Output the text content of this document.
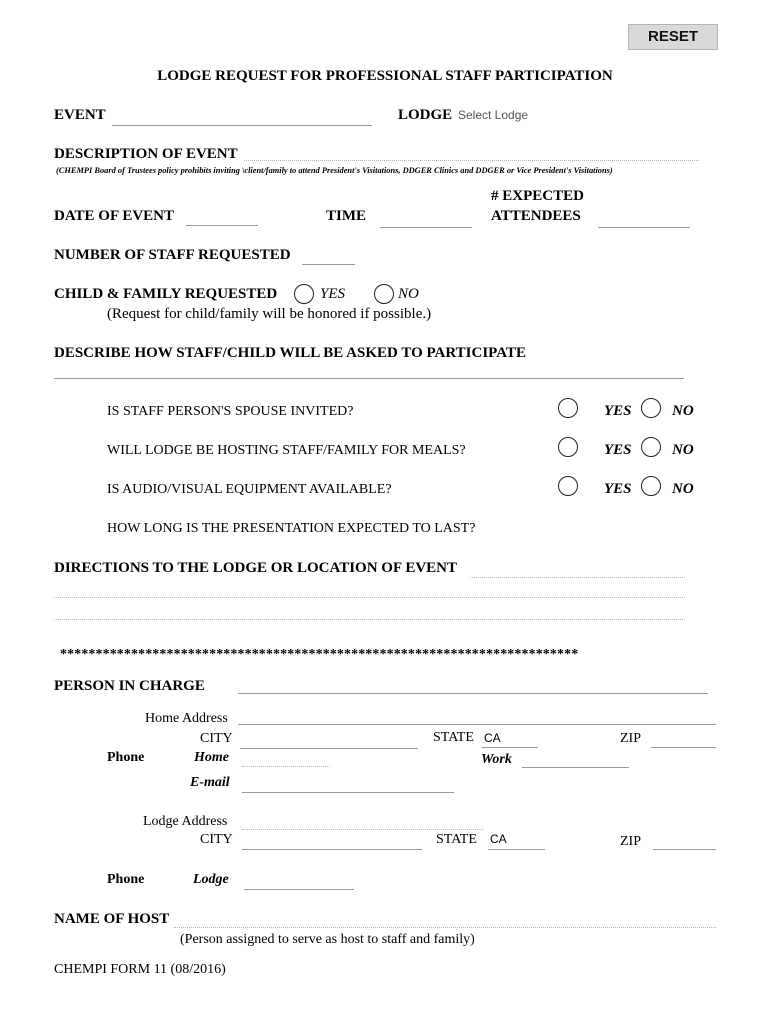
RESET
LODGE REQUEST FOR PROFESSIONAL STAFF PARTICIPATION
EVENT	LODGE Select Lodge
DESCRIPTION OF EVENT
(CHEMPI Board of Trustees policy prohibits inviting \client/family to attend President's Visitations, DDGER Clinics and DDGER or Vice President's Visitations)
DATE OF EVENT	TIME
# EXPECTED
ATTENDEES
NUMBER OF STAFF REQUESTED
CHILD & FAMILY REQUESTED	YES	NO
(Request for child/family will be honored if possible.)
DESCRIBE HOW STAFF/CHILD WILL BE ASKED TO PARTICIPATE
IS STAFF PERSON'S SPOUSE INVITED?	YES	NO
WILL LODGE BE HOSTING STAFF/FAMILY FOR MEALS?	YES	NO
IS AUDIO/VISUAL EQUIPMENT AVAILABLE?	YES	NO
HOW LONG IS THE PRESENTATION EXPECTED TO LAST?
DIRECTIONS TO THE LODGE OR LOCATION OF EVENT
*************************************************************************
PERSON IN CHARGE
Home Address
CITY	STATE CA	ZIP
Phone	Home	Work
E-mail
Lodge Address
CITY	STATE CA	ZIP
Phone	Lodge
NAME OF HOST
(Person assigned to serve as host to staff and family)
CHEMPI FORM 11 (08/2016)
